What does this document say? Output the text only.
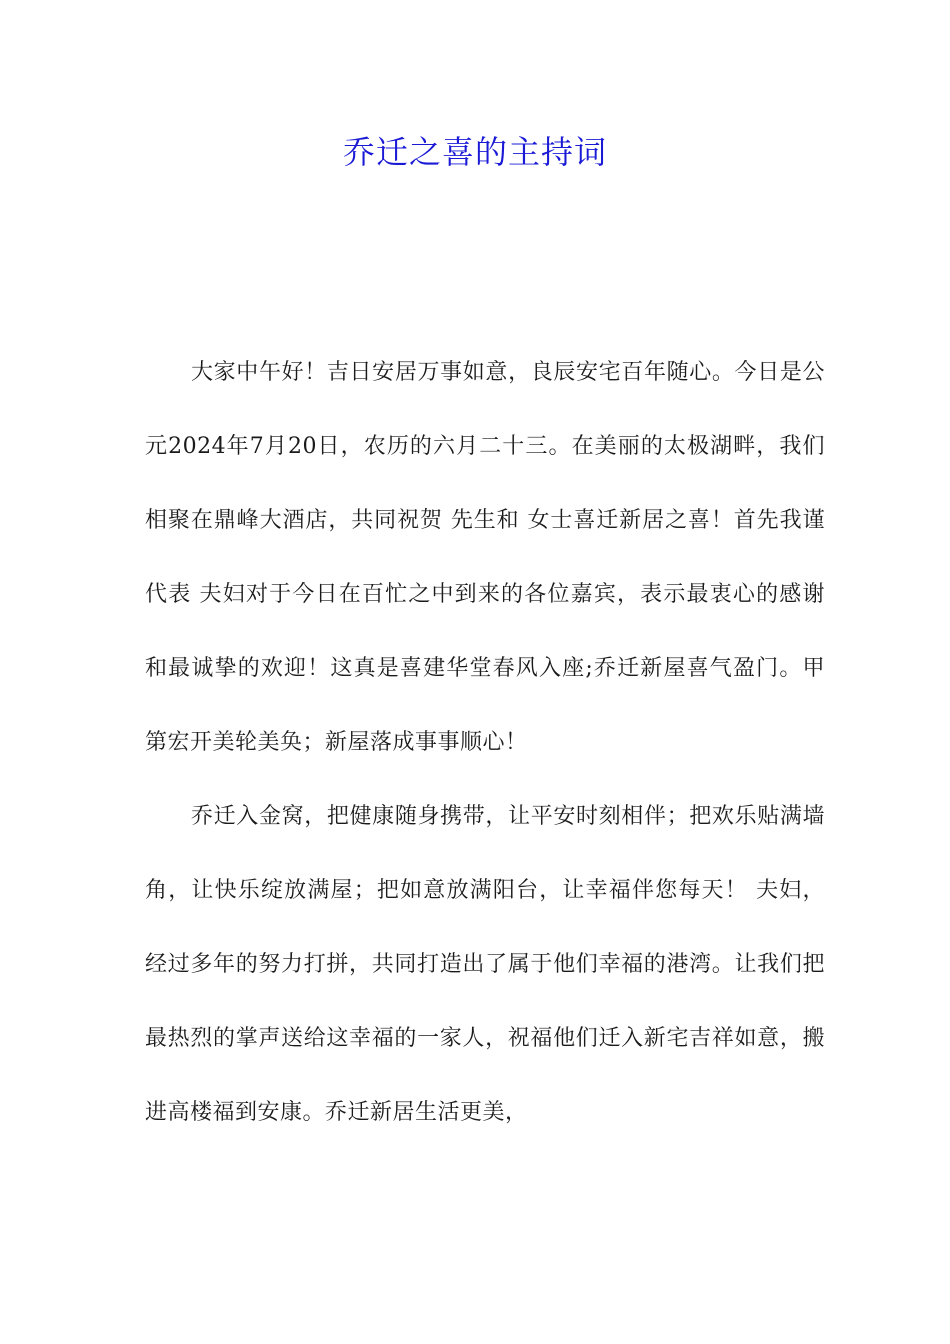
乔迁之喜的主持词

大家中午好！吉日安居万事如意，良辰安宅百年随心。今日是公元2024年7月20日，农历的六月二十三。在美丽的太极湖畔，我们相聚在鼎峰大酒店，共同祝贺 先生和 女士喜迁新居之喜！首先我谨代表 夫妇对于今日在百忙之中到来的各位嘉宾，表示最衷心的感谢和最诚挚的欢迎！这真是喜建华堂春风入座;乔迁新屋喜气盈门。甲第宏开美轮美奂；新屋落成事事顺心！

乔迁入金窝，把健康随身携带，让平安时刻相伴；把欢乐贴满墙角，让快乐绽放满屋；把如意放满阳台，让幸福伴您每天！ 夫妇，经过多年的努力打拼，共同打造出了属于他们幸福的港湾。让我们把最热烈的掌声送给这幸福的一家人，祝福他们迁入新宅吉祥如意，搬进高楼福到安康。乔迁新居生活更美，
